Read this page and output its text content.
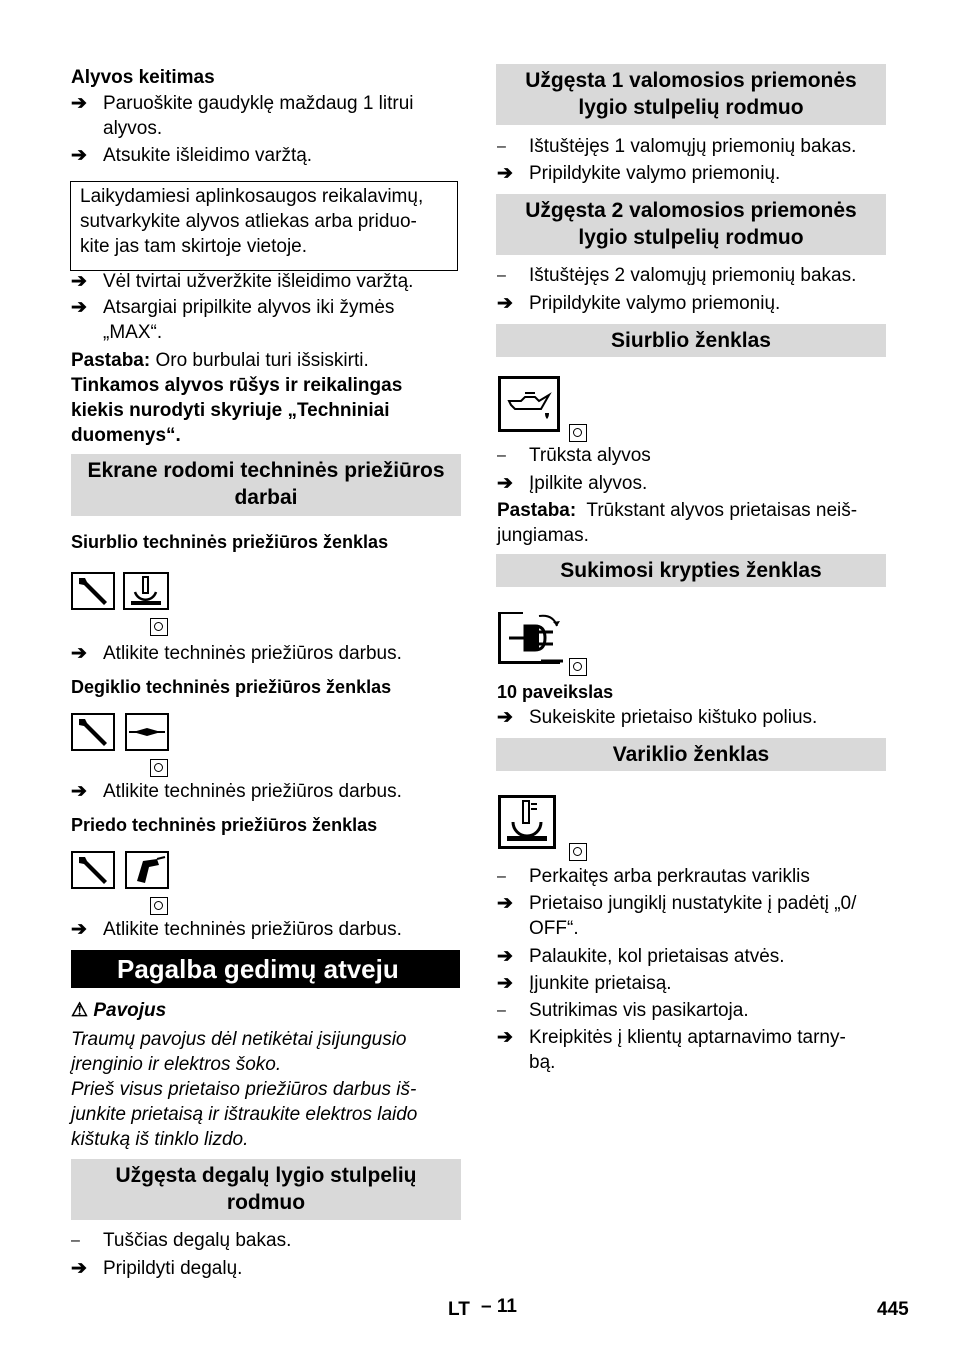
Alyvos keitimas
➔ Paruoškite gaudyklę maždaug 1 litrui
alyvos.
➔ Atsukite išleidimo varžtą.
Laikydamiesi aplinkosaugos reikalavimų,
sutvarkykite alyvos atliekas arba priduo-
kite jas tam skirtoje vietoje.
➔ Vėl tvirtai užveržkite išleidimo varžtą.
➔ Atsargiai pripilkite alyvos iki žymės
„MAX“.
Pastaba: Oro burbulai turi išsiskirti.
Tinkamos alyvos rūšys ir reikalingas
kiekis nurodyti skyriuje „Techniniai
duomenys“.
Ekrane rodomi techninės priežiūros
darbai
Siurblio techninės priežiūros ženklas
➔ Atlikite techninės priežiūros darbus.
Degiklio techninės priežiūros ženklas
➔ Atlikite techninės priežiūros darbus.
Priedo techninės priežiūros ženklas
➔ Atlikite techninės priežiūros darbus.
Pagalba gedimų atveju
⚠ Pavojus
Traumų pavojus dėl netikėtai įsijungusio
įrenginio ir elektros šoko.
Prieš visus prietaiso priežiūros darbus iš-
junkite prietaisą ir ištraukite elektros laido
kištuką iš tinklo lizdo.
Užgęsta degalų lygio stulpelių
rodmuo
– Tuščias degalų bakas.
➔ Pripildyti degalų.
Užgęsta 1 valomosios priemonės
lygio stulpelių rodmuo
– Ištuštėjęs 1 valomųjų priemonių bakas.
➔ Pripildykite valymo priemonių.
Užgęsta 2 valomosios priemonės
lygio stulpelių rodmuo
– Ištuštėjęs 2 valomųjų priemonių bakas.
➔ Pripildykite valymo priemonių.
Siurblio ženklas
– Trūksta alyvos
➔ Įpilkite alyvos.
Pastaba:  Trūkstant alyvos prietaisas neiš-
jungiamas.
Sukimosi krypties ženklas
10 paveikslas
➔ Sukeiskite prietaiso kištuko polius.
Variklio ženklas
– Perkaitęs arba perkrautas variklis
➔ Prietaiso jungiklį nustatykite į padėtį „0/
OFF“.
➔ Palaukite, kol prietaisas atvės.
➔ Įjunkite prietaisą.
– Sutrikimas vis pasikartoja.
➔ Kreipkitės į klientų aptarnavimo tarny-
bą.
LT – 11	445
